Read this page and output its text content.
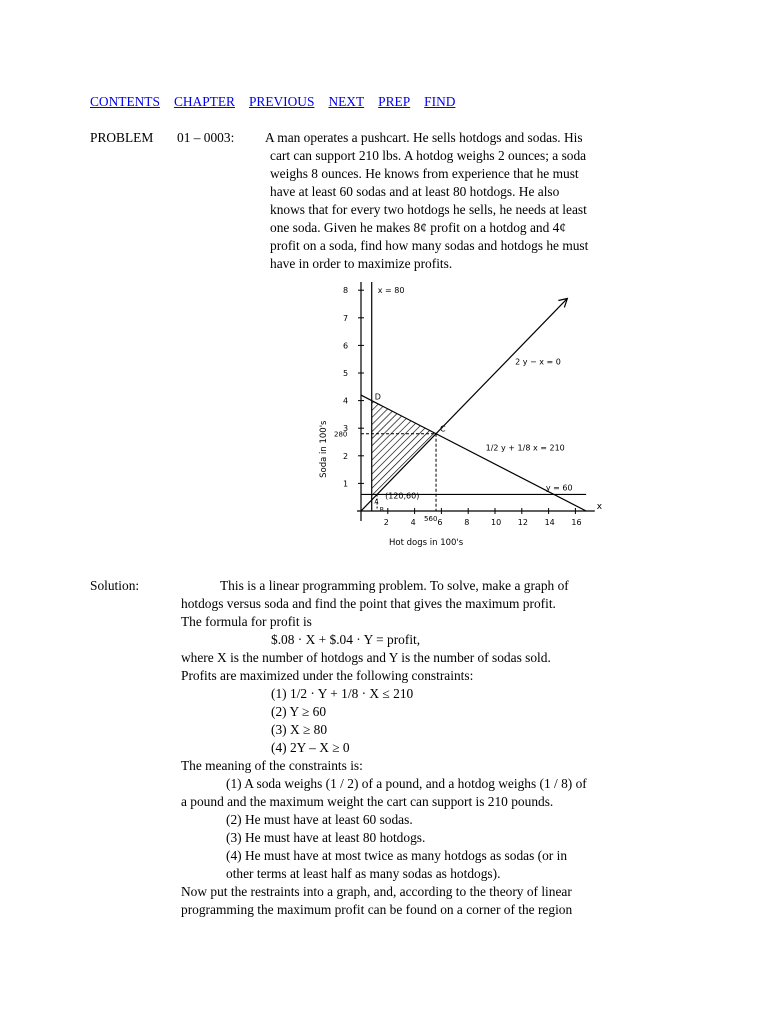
CONTENTS CHAPTER PREVIOUS NEXT PREP FIND
PROBLEM 01 – 0003: A man operates a pushcart. He sells hotdogs and sodas. His
cart can support 210 lbs. A hotdog weighs 2 ounces; a soda
weighs 8 ounces. He knows from experience that he must
have at least 60 sodas and at least 80 hotdogs. He also
knows that for every two hotdogs he sells, he needs at least
one soda. Given he makes 8¢ profit on a hotdog and 4¢
profit on a soda, find how many sodas and hotdogs he must
have in order to maximize profits.
x
1
2
3
4
5
6
7
8
280
2	4	6	8	10 12 14 16
560
x = 80
2 y − x = 0
1/2 y + 1/8 x = 210
y = 60
D
C
A
B
(120,60)
Hot dogs in 100's
Soda in 100's
Solution:	This is a linear programming problem. To solve, make a graph of
hotdogs versus soda and find the point that gives the maximum profit.
The formula for profit is
$.08 · X + $.04 · Y = profit,
where X is the number of hotdogs and Y is the number of sodas sold.
Profits are maximized under the following constraints:
(1) 1/2 · Y + 1/8 · X ≤ 210
(2) Y ≥ 60
(3) X ≥ 80
(4) 2Y – X ≥ 0
The meaning of the constraints is:
(1) A soda weighs (1 / 2) of a pound, and a hotdog weighs (1 / 8) of
a pound and the maximum weight the cart can support is 210 pounds.
(2) He must have at least 60 sodas.
(3) He must have at least 80 hotdogs.
(4) He must have at most twice as many hotdogs as sodas (or in
other terms at least half as many sodas as hotdogs).
Now put the restraints into a graph, and, according to the theory of linear
programming the maximum profit can be found on a corner of the region
